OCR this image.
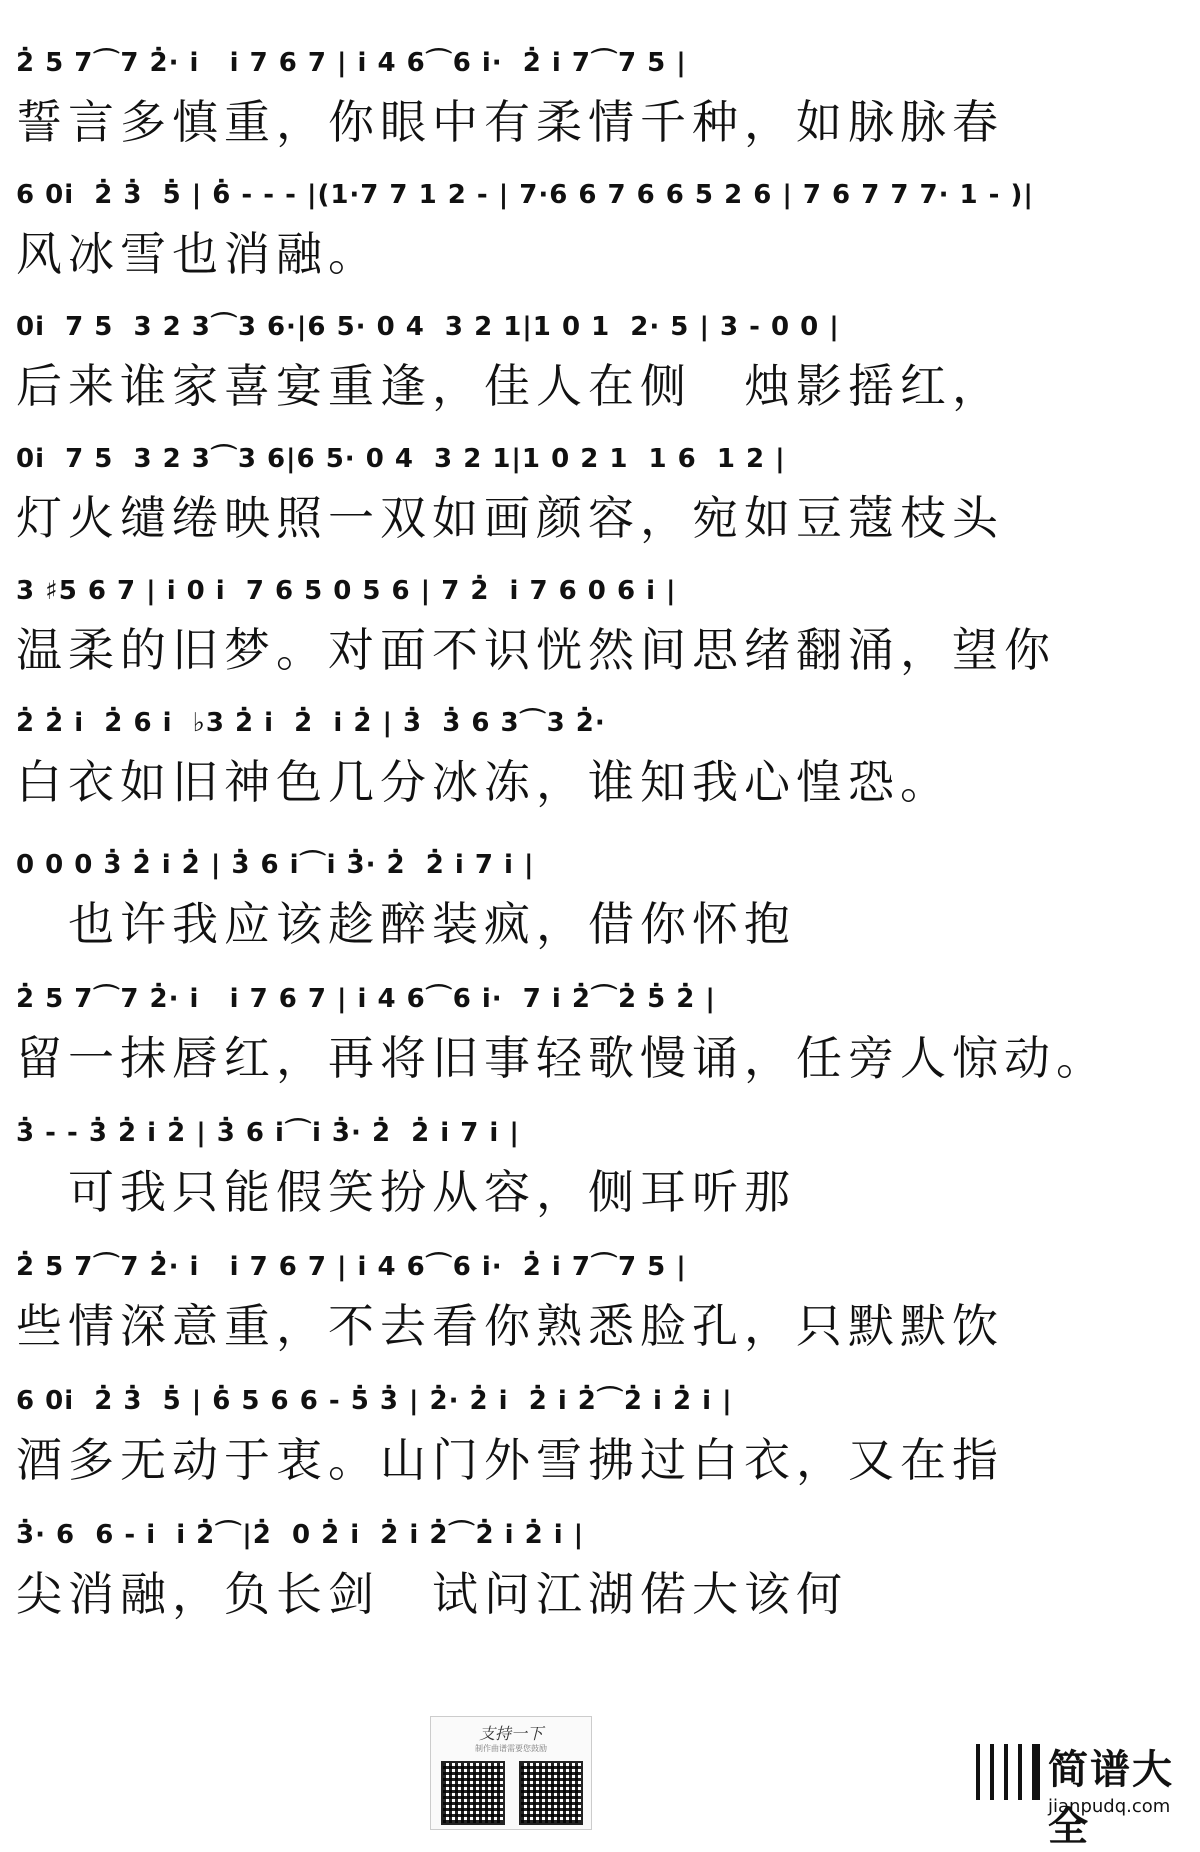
2̇ 5 7⌒7 2̇· i   i 7 6 7 | i 4 6⌒6 i·  2̇ i 7⌒7 5 |
誓言多慎重，你眼中有柔情千种，如脉脉春
6 0i  2̇ 3̇  5̇ | 6̇ - - - |(1·7 7 1 2 - | 7·6 6 7 6 6 5 2 6 | 7 6 7 7 7· 1 - )|
风冰雪也消融。
0i  7 5  3 2 3⌒3 6·|6 5· 0 4  3 2 1|1 0 1  2· 5 | 3 - 0 0 |
后来谁家喜宴重逢，佳人在侧　烛影摇红，
0i  7 5  3 2 3⌒3 6|6 5· 0 4  3 2 1|1 0 2 1  1 6  1 2 |
灯火缱绻映照一双如画颜容，宛如豆蔻枝头
3 ♯5 6 7 | i 0 i  7 6 5 0 5 6 | 7 2̇  i 7 6 0 6 i |
温柔的旧梦。对面不识恍然间思绪翻涌，望你
2̇ 2̇ i  2̇ 6 i  ♭3 2̇ i  2̇  i 2̇ | 3̇  3̇ 6 3⌒3 2̇·
白衣如旧神色几分冰冻，谁知我心惶恐。
0 0 0 3̇ 2̇ i 2̇ | 3̇ 6 i⌒i 3̇· 2̇  2̇ i 7 i |
　也许我应该趁醉装疯，借你怀抱
2̇ 5 7⌒7 2̇· i   i 7 6 7 | i 4 6⌒6 i·  7 i 2̇⌒2̇ 5̇ 2̇ |
留一抹唇红，再将旧事轻歌慢诵，任旁人惊动。
3̇ - - 3̇ 2̇ i 2̇ | 3̇ 6 i⌒i 3̇· 2̇  2̇ i 7 i |
　可我只能假笑扮从容，侧耳听那
2̇ 5 7⌒7 2̇· i   i 7 6 7 | i 4 6⌒6 i·  2̇ i 7⌒7 5 |
些情深意重，不去看你熟悉脸孔，只默默饮
6 0i  2̇ 3̇  5̇ | 6̇ 5 6 6 - 5̇ 3̇ | 2̇· 2̇ i  2̇ i 2̇⌒2̇ i 2̇ i |
酒多无动于衷。山门外雪拂过白衣，又在指
3̇· 6  6 - i  i 2̇⌒|2̇  0 2̇ i  2̇ i 2̇⌒2̇ i 2̇ i |
尖消融，负长剑　试问江湖偌大该何
支持一下
制作曲谱需要您鼓励	简谱大全
jianpudq.com
